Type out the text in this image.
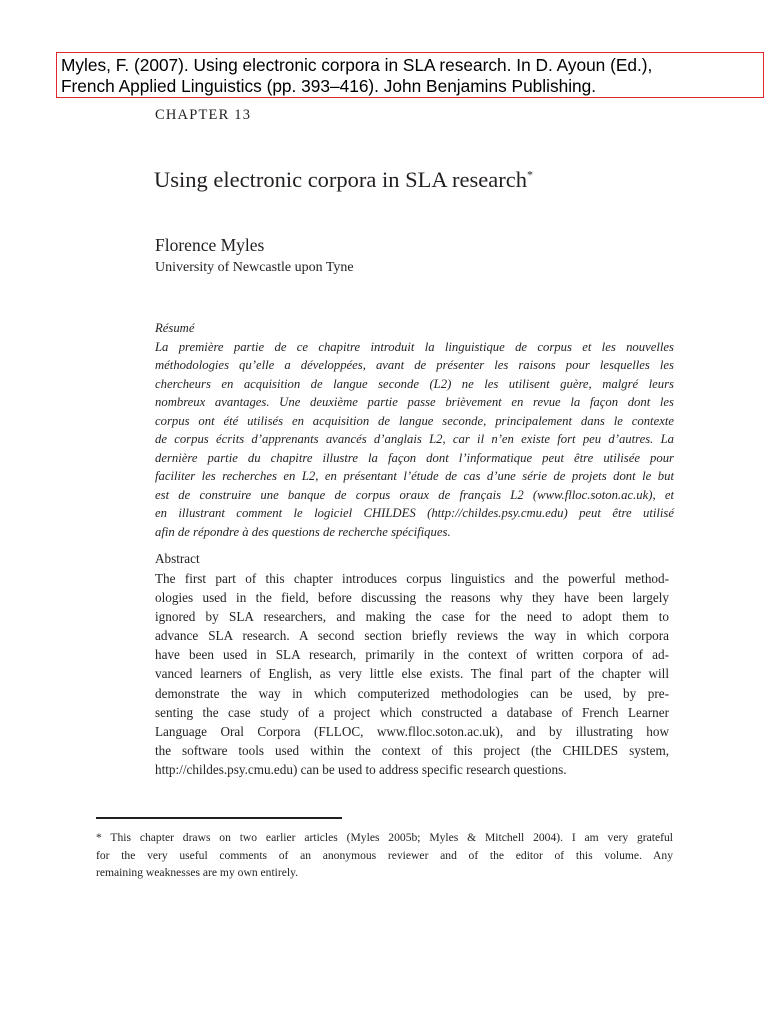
Myles, F. (2007). Using electronic corpora in SLA research. In D. Ayoun (Ed.),
French Applied Linguistics (pp. 393–416). John Benjamins Publishing.
CHAPTER 13
Using electronic corpora in SLA research*
Florence Myles
University of Newcastle upon Tyne
Résumé
La première partie de ce chapitre introduit la linguistique de corpus et les nouvelles
méthodologies qu’elle a développées, avant de présenter les raisons pour lesquelles les
chercheurs en acquisition de langue seconde (L2) ne les utilisent guère, malgré leurs
nombreux avantages. Une deuxième partie passe brièvement en revue la façon dont les
corpus ont été utilisés en acquisition de langue seconde, principalement dans le contexte
de corpus écrits d’apprenants avancés d’anglais L2, car il n’en existe fort peu d’autres. La
dernière partie du chapitre illustre la façon dont l’informatique peut être utilisée pour
faciliter les recherches en L2, en présentant l’étude de cas d’une série de projets dont le but
est de construire une banque de corpus oraux de français L2 (www.flloc.soton.ac.uk), et
en illustrant comment le logiciel CHILDES (http://childes.psy.cmu.edu) peut être utilisé
afin de répondre à des questions de recherche spécifiques.
Abstract
The first part of this chapter introduces corpus linguistics and the powerful method-
ologies used in the field, before discussing the reasons why they have been largely
ignored by SLA researchers, and making the case for the need to adopt them to
advance SLA research. A second section briefly reviews the way in which corpora
have been used in SLA research, primarily in the context of written corpora of ad-
vanced learners of English, as very little else exists. The final part of the chapter will
demonstrate the way in which computerized methodologies can be used, by pre-
senting the case study of a project which constructed a database of French Learner
Language Oral Corpora (FLLOC, www.flloc.soton.ac.uk), and by illustrating how
the software tools used within the context of this project (the CHILDES system,
http://childes.psy.cmu.edu) can be used to address specific research questions.
* This chapter draws on two earlier articles (Myles 2005b; Myles & Mitchell 2004). I am very grateful
for the very useful comments of an anonymous reviewer and of the editor of this volume. Any
remaining weaknesses are my own entirely.
